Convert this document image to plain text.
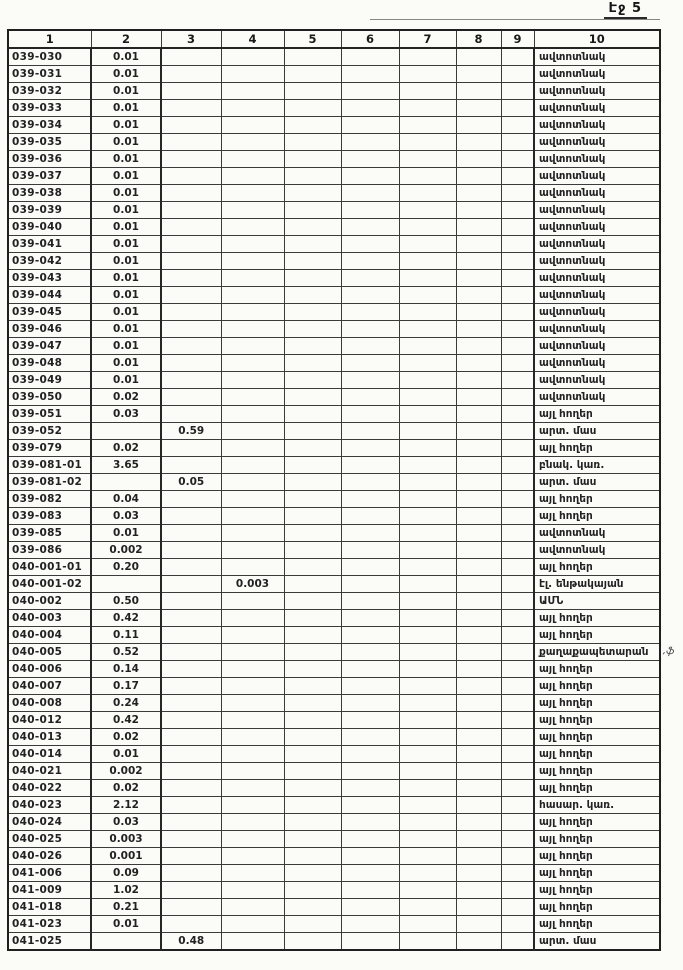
Էջ 5
1	2	3	4	5	6	7	8	9	10
039-030	0.01								ավտոտնակ
039-031	0.01								ավտոտնակ
039-032	0.01								ավտոտնակ
039-033	0.01								ավտոտնակ
039-034	0.01								ավտոտնակ
039-035	0.01								ավտոտնակ
039-036	0.01								ավտոտնակ
039-037	0.01								ավտոտնակ
039-038	0.01								ավտոտնակ
039-039	0.01								ավտոտնակ
039-040	0.01								ավտոտնակ
039-041	0.01								ավտոտնակ
039-042	0.01								ավտոտնակ
039-043	0.01								ավտոտնակ
039-044	0.01								ավտոտնակ
039-045	0.01								ավտոտնակ
039-046	0.01								ավտոտնակ
039-047	0.01								ավտոտնակ
039-048	0.01								ավտոտնակ
039-049	0.01								ավտոտնակ
039-050	0.02								ավտոտնակ
039-051	0.03								այլ հողեր
039-052		0.59							արտ. մաս
039-079	0.02								այլ հողեր
039-081-01	3.65								բնակ. կառ.
039-081-02		0.05							արտ. մաս
039-082	0.04								այլ հողեր
039-083	0.03								այլ հողեր
039-085	0.01								ավտոտնակ
039-086	0.002								ավտոտնակ
040-001-01	0.20								այլ հողեր
040-001-02			0.003						էլ. ենթակայան
040-002	0.50								ԱՄՆ
040-003	0.42								այլ հողեր
040-004	0.11								այլ հողեր
040-005	0.52								քաղաքապետարան
040-006	0.14								այլ հողեր
040-007	0.17								այլ հողեր
040-008	0.24								այլ հողեր
040-012	0.42								այլ հողեր
040-013	0.02								այլ հողեր
040-014	0.01								այլ հողեր
040-021	0.002								այլ հողեր
040-022	0.02								այլ հողեր
040-023	2.12								հասար. կառ.
040-024	0.03								այլ հողեր
040-025	0.003								այլ հողեր
040-026	0.001								այլ հողեր
041-006	0.09								այլ հողեր
041-009	1.02								այլ հողեր
041-018	0.21								այլ հողեր
041-023	0.01								այլ հողեր
041-025		0.48							արտ. մաս
,ֆ
